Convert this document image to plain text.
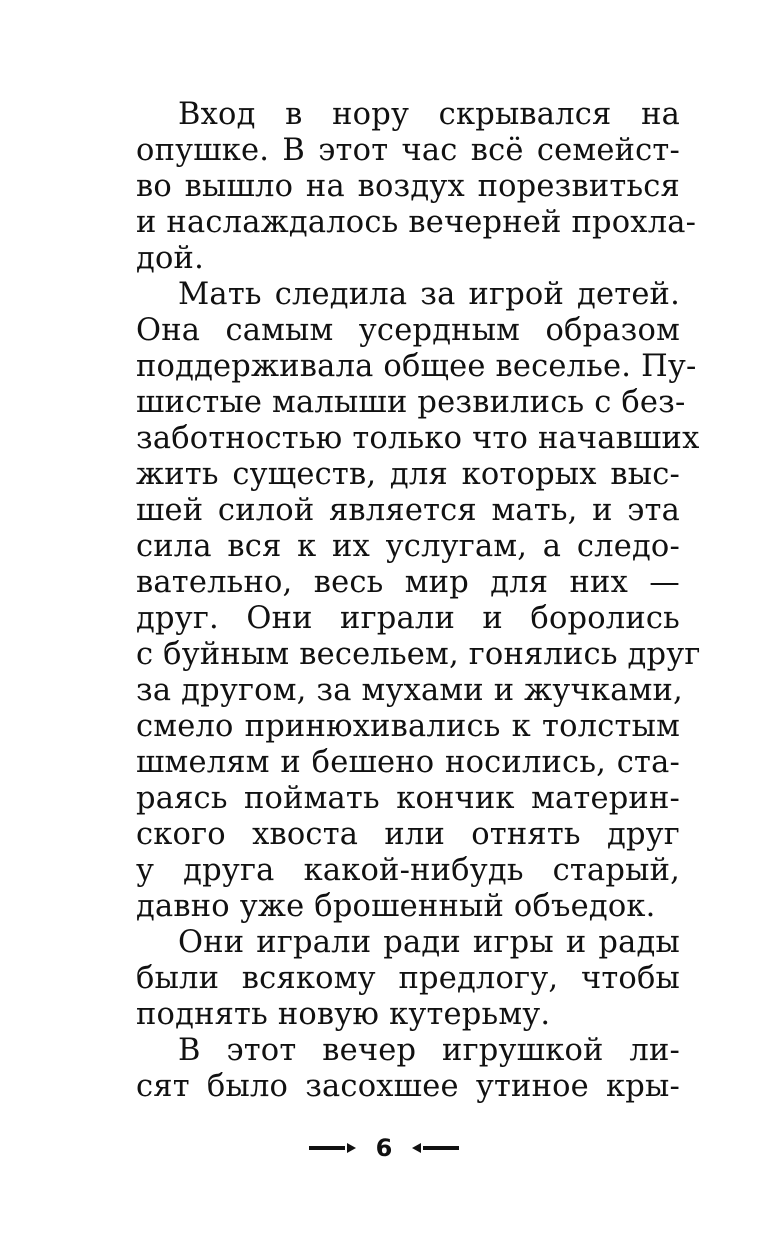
Вход в нору скрывался на
опушке. В этот час всё семейст-
во вышло на воздух порезвиться
и наслаждалось вечерней прохла-
дой.
Мать следила за игрой детей.
Она самым усердным образом
поддерживала общее веселье. Пу-
шистые малыши резвились с без-
заботностью только что начавших
жить существ, для которых выс-
шей силой является мать, и эта
сила вся к их услугам, а следо-
вательно, весь мир для них —
друг. Они играли и боролись
с буйным весельем, гонялись друг
за другом, за мухами и жучками,
смело принюхивались к толстым
шмелям и бешено носились, ста-
раясь поймать кончик материн-
ского хвоста или отнять друг
у друга какой-нибудь старый,
давно уже брошенный объедок.
Они играли ради игры и рады
были всякому предлогу, чтобы
поднять новую кутерьму.
В этот вечер игрушкой ли-
сят было засохшее утиное кры-
6
